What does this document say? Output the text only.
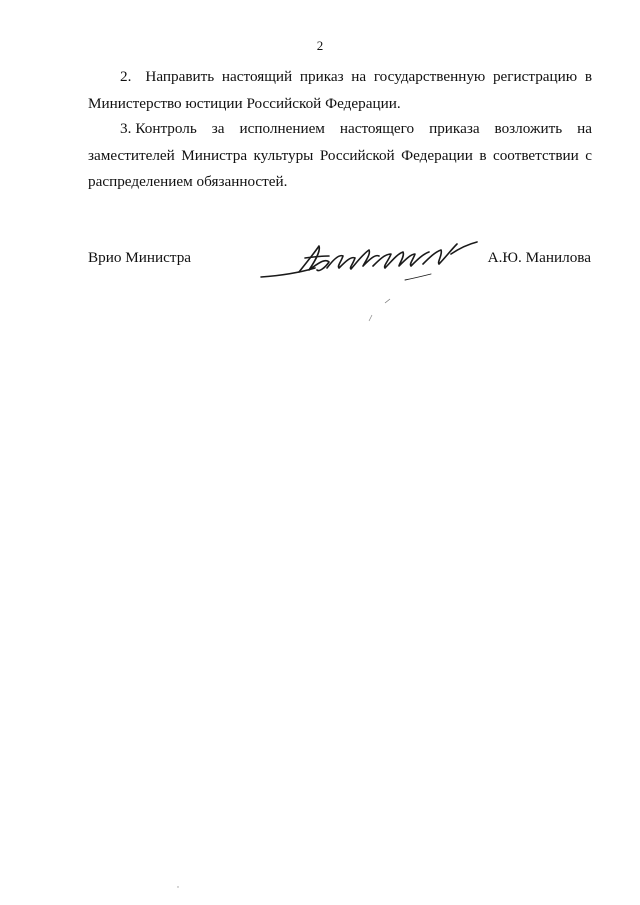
2
2. Направить настоящий приказ на государственную регистрацию в Министерство юстиции Российской Федерации.
3. Контроль за исполнением настоящего приказа возложить на заместителей Министра культуры Российской Федерации в соответствии с распределением обязанностей.
Врио Министра	А.Ю. Манилова
